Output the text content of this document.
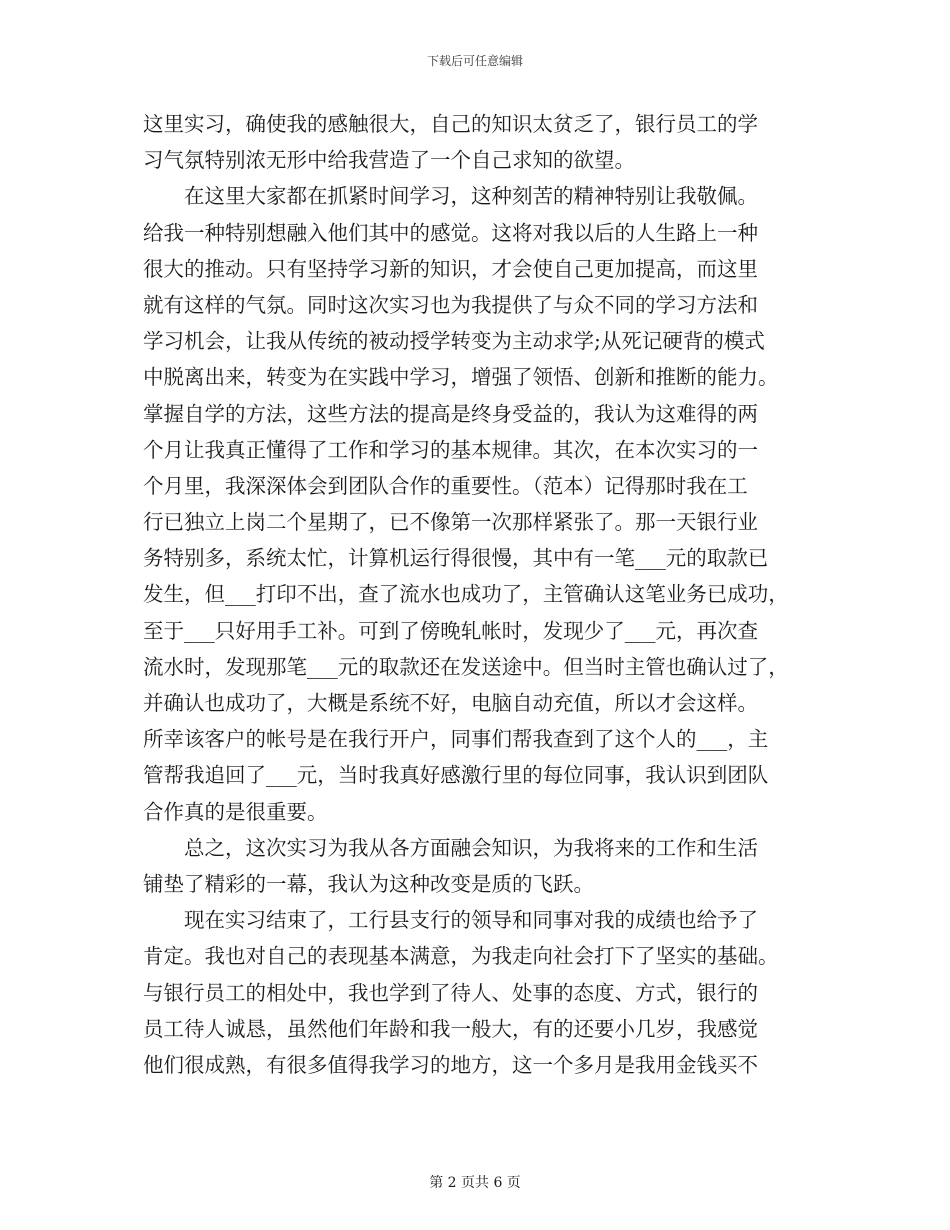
下载后可任意编辑
这里实习，确使我的感触很大，自己的知识太贫乏了，银行员工的学
习气氛特别浓无形中给我营造了一个自己求知的欲望。
在这里大家都在抓紧时间学习，这种刻苦的精神特别让我敬佩。
给我一种特别想融入他们其中的感觉。这将对我以后的人生路上一种
很大的推动。只有坚持学习新的知识，才会使自己更加提高，而这里
就有这样的气氛。同时这次实习也为我提供了与众不同的学习方法和
学习机会，让我从传统的被动授学转变为主动求学;从死记硬背的模式
中脱离出来，转变为在实践中学习，增强了领悟、创新和推断的能力。
掌握自学的方法，这些方法的提高是终身受益的，我认为这难得的两
个月让我真正懂得了工作和学习的基本规律。其次，在本次实习的一
个月里，我深深体会到团队合作的重要性。（范本）记得那时我在工
行已独立上岗二个星期了，已不像第一次那样紧张了。那一天银行业
务特别多，系统太忙，计算机运行得很慢，其中有一笔___元的取款已
发生，但___打印不出，查了流水也成功了，主管确认这笔业务已成功，
至于___只好用手工补。可到了傍晚轧帐时，发现少了___元，再次查
流水时，发现那笔___元的取款还在发送途中。但当时主管也确认过了，
并确认也成功了，大概是系统不好，电脑自动充值，所以才会这样。
所幸该客户的帐号是在我行开户，同事们帮我查到了这个人的___，主
管帮我追回了___元，当时我真好感激行里的每位同事，我认识到团队
合作真的是很重要。
总之，这次实习为我从各方面融会知识，为我将来的工作和生活
铺垫了精彩的一幕，我认为这种改变是质的飞跃。
现在实习结束了，工行县支行的领导和同事对我的成绩也给予了
肯定。我也对自己的表现基本满意，为我走向社会打下了坚实的基础。
与银行员工的相处中，我也学到了待人、处事的态度、方式，银行的
员工待人诚恳，虽然他们年龄和我一般大，有的还要小几岁，我感觉
他们很成熟，有很多值得我学习的地方，这一个多月是我用金钱买不
第 2 页共 6 页
